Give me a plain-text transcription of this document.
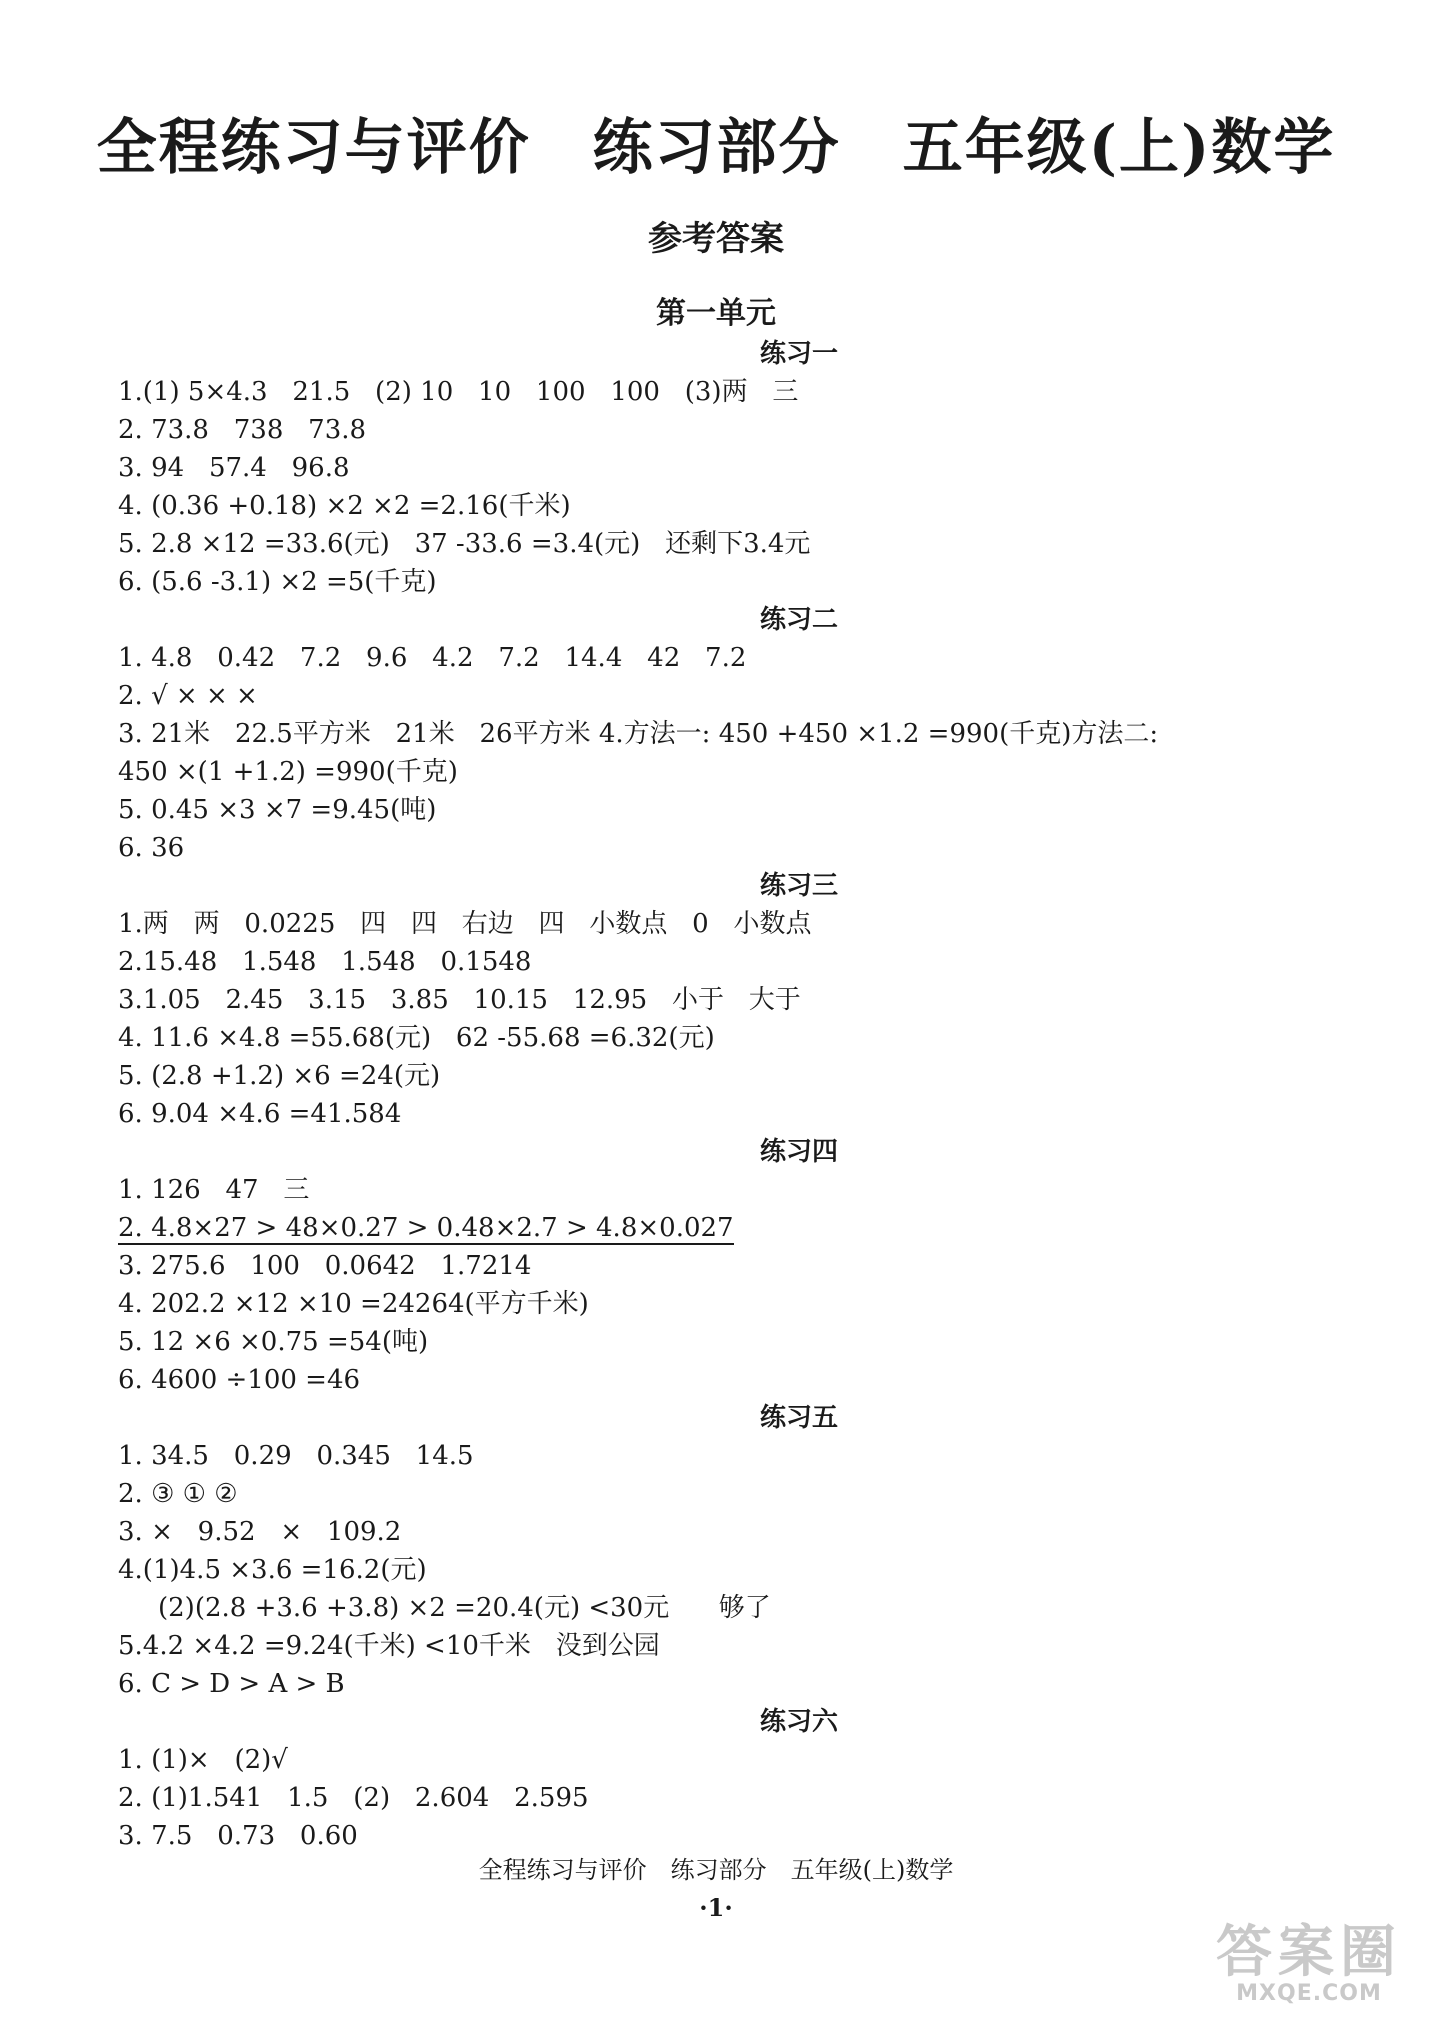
全程练习与评价　练习部分　五年级(上)数学
参考答案
第一单元
练习一
1.(1) 5×4.3   21.5   (2) 10   10   100   100   (3)两   三
2. 73.8   738   73.8
3. 94   57.4   96.8
4. (0.36 +0.18) ×2 ×2 =2.16(千米)
5. 2.8 ×12 =33.6(元)   37 -33.6 =3.4(元)   还剩下3.4元
6. (5.6 -3.1) ×2 =5(千克)
练习二
1. 4.8   0.42   7.2   9.6   4.2   7.2   14.4   42   7.2
2. √ × × ×
3. 21米   22.5平方米   21米   26平方米 4.方法一: 450 +450 ×1.2 =990(千克)方法二:
450 ×(1 +1.2) =990(千克)
5. 0.45 ×3 ×7 =9.45(吨)
6. 36
练习三
1.两   两   0.0225   四   四   右边   四   小数点   0   小数点
2.15.48   1.548   1.548   0.1548
3.1.05   2.45   3.15   3.85   10.15   12.95   小于   大于
4. 11.6 ×4.8 =55.68(元)   62 -55.68 =6.32(元)
5. (2.8 +1.2) ×6 =24(元)
6. 9.04 ×4.6 =41.584
练习四
1. 126   47   三
2. 4.8×27 > 48×0.27 > 0.48×2.7 > 4.8×0.027
3. 275.6   100   0.0642   1.7214
4. 202.2 ×12 ×10 =24264(平方千米)
5. 12 ×6 ×0.75 =54(吨)
6. 4600 ÷100 =46
练习五
1. 34.5   0.29   0.345   14.5
2. ③ ① ②
3. ×   9.52   ×   109.2
4.(1)4.5 ×3.6 =16.2(元)
(2)(2.8 +3.6 +3.8) ×2 =20.4(元) <30元      够了
5.4.2 ×4.2 =9.24(千米) <10千米   没到公园
6. C > D > A > B
练习六
1. (1)×   (2)√
2. (1)1.541   1.5   (2)   2.604   2.595
3. 7.5   0.73   0.60
全程练习与评价　练习部分　五年级(上)数学
·1·
答案圈
MXQE.COM
